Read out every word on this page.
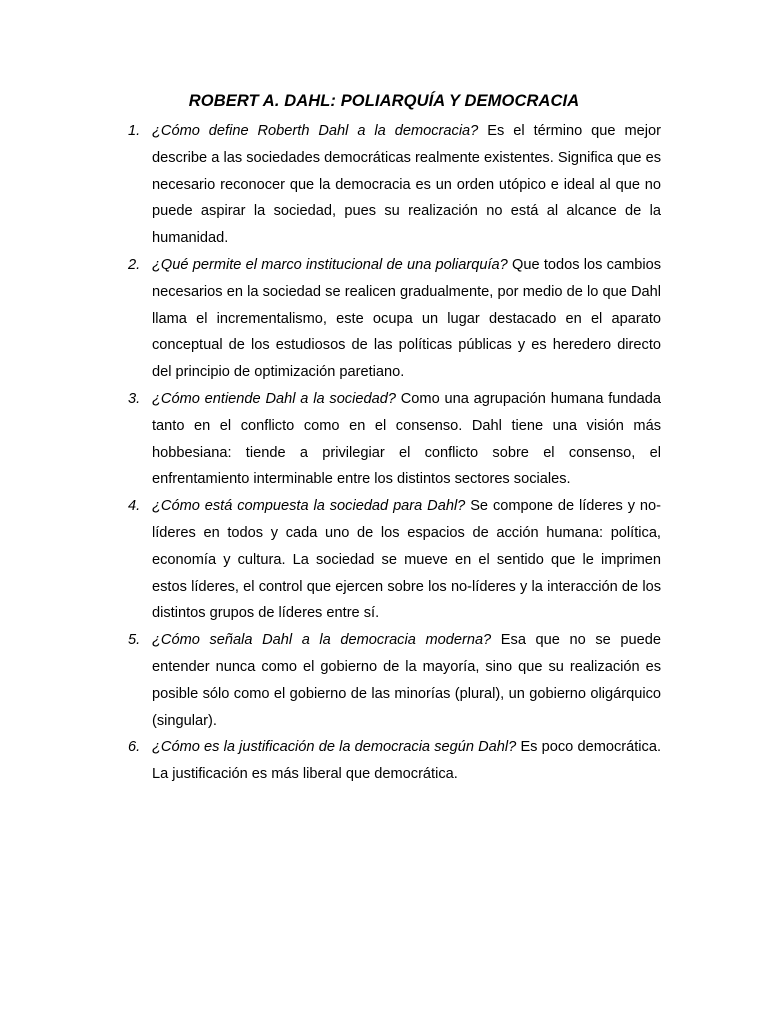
ROBERT A. DAHL: POLIARQUÍA Y DEMOCRACIA
1. ¿Cómo define Roberth Dahl a la democracia? Es el término que mejor describe a las sociedades democráticas realmente existentes. Significa que es necesario reconocer que la democracia es un orden utópico e ideal al que no puede aspirar la sociedad, pues su realización no está al alcance de la humanidad.
2. ¿Qué permite el marco institucional de una poliarquía? Que todos los cambios necesarios en la sociedad se realicen gradualmente, por medio de lo que Dahl llama el incrementalismo, este ocupa un lugar destacado en el aparato conceptual de los estudiosos de las políticas públicas y es heredero directo del principio de optimización paretiano.
3. ¿Cómo entiende Dahl a la sociedad? Como una agrupación humana fundada tanto en el conflicto como en el consenso. Dahl tiene una visión más hobbesiana: tiende a privilegiar el conflicto sobre el consenso, el enfrentamiento interminable entre los distintos sectores sociales.
4. ¿Cómo está compuesta la sociedad para Dahl? Se compone de líderes y no-líderes en todos y cada uno de los espacios de acción humana: política, economía y cultura. La sociedad se mueve en el sentido que le imprimen estos líderes, el control que ejercen sobre los no-líderes y la interacción de los distintos grupos de líderes entre sí.
5. ¿Cómo señala Dahl a la democracia moderna? Esa que no se puede entender nunca como el gobierno de la mayoría, sino que su realización es posible sólo como el gobierno de las minorías (plural), un gobierno oligárquico (singular).
6. ¿Cómo es la justificación de la democracia según Dahl? Es poco democrática. La justificación es más liberal que democrática.
